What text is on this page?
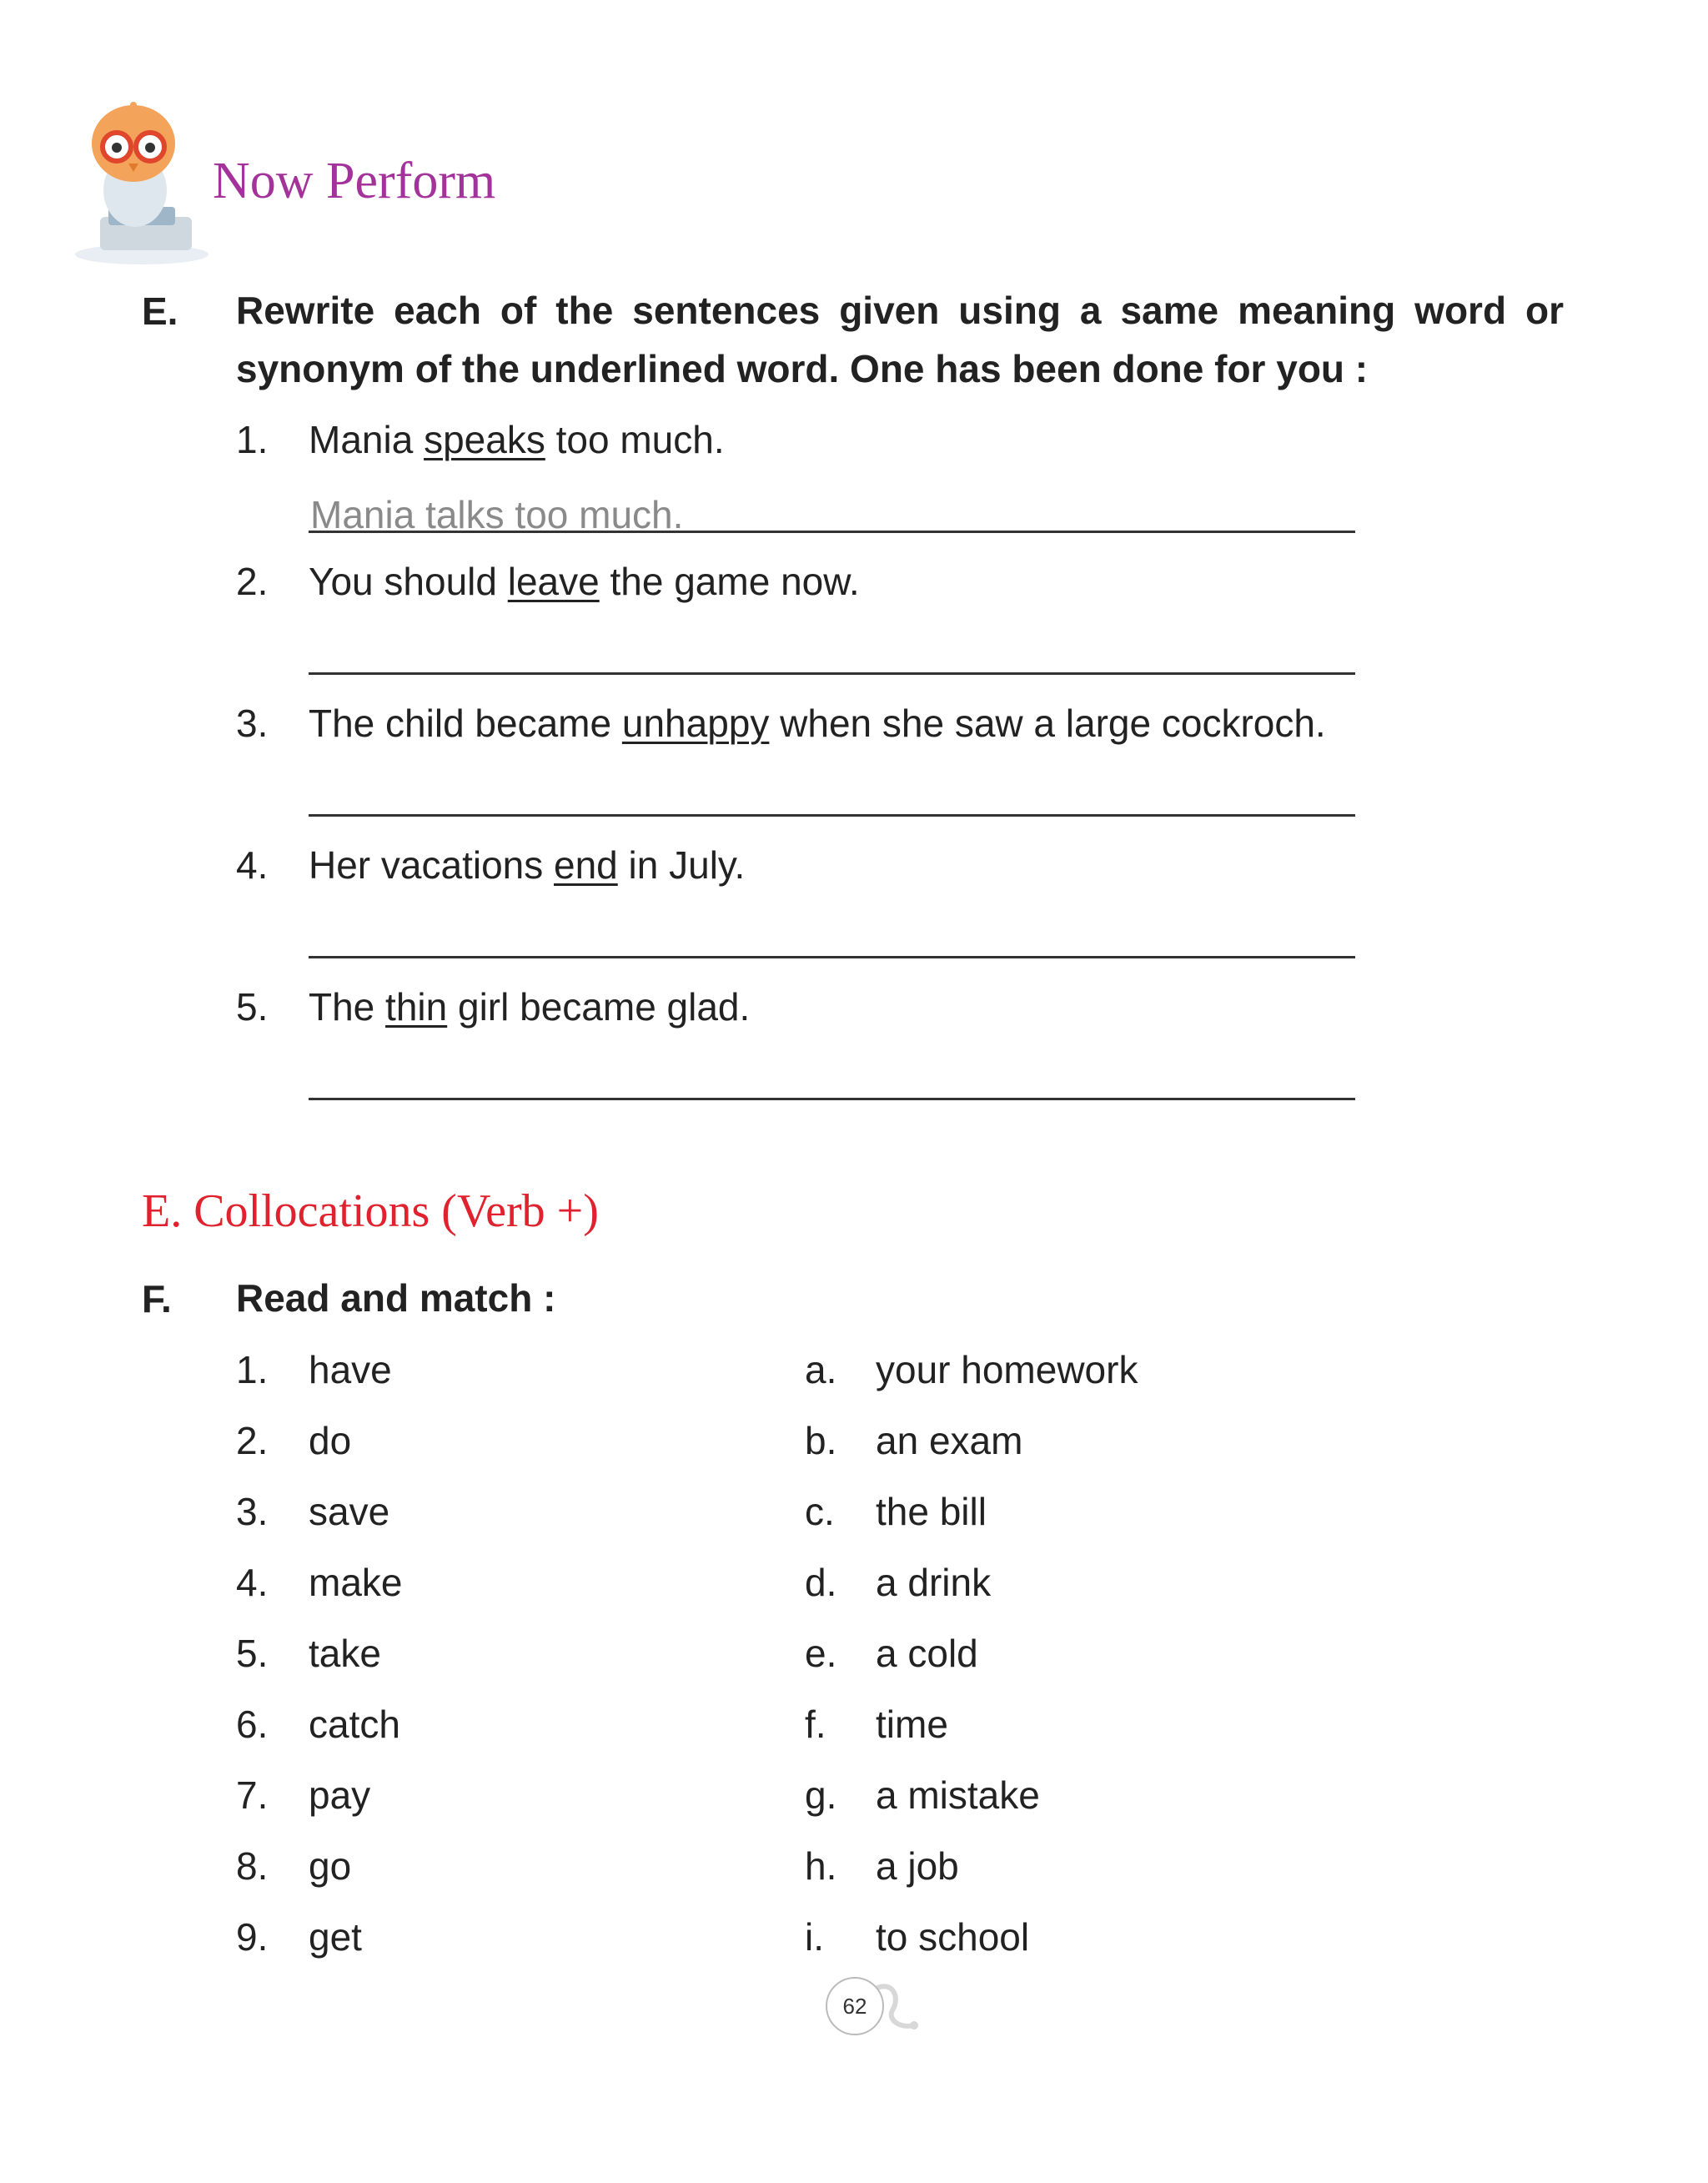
Now Perform
E. Rewrite each of the sentences given using a same meaning word or
synonym of the underlined word. One has been done for you :
1. Mania speaks too much.
Mania talks too much.
2. You should leave the game now.
3. The child became unhappy when she saw a large cockroch.
4. Her vacations end in July.
5. The thin girl became glad.
E. Collocations (Verb +)
F. Read and match :
1. have
2. do
3. save
4. make
5. take
6. catch
7. pay
8. go
9. get
a. your homework
b. an exam
c. the bill
d. a drink
e. a cold
f. time
g. a mistake
h. a job
i. to school
62
